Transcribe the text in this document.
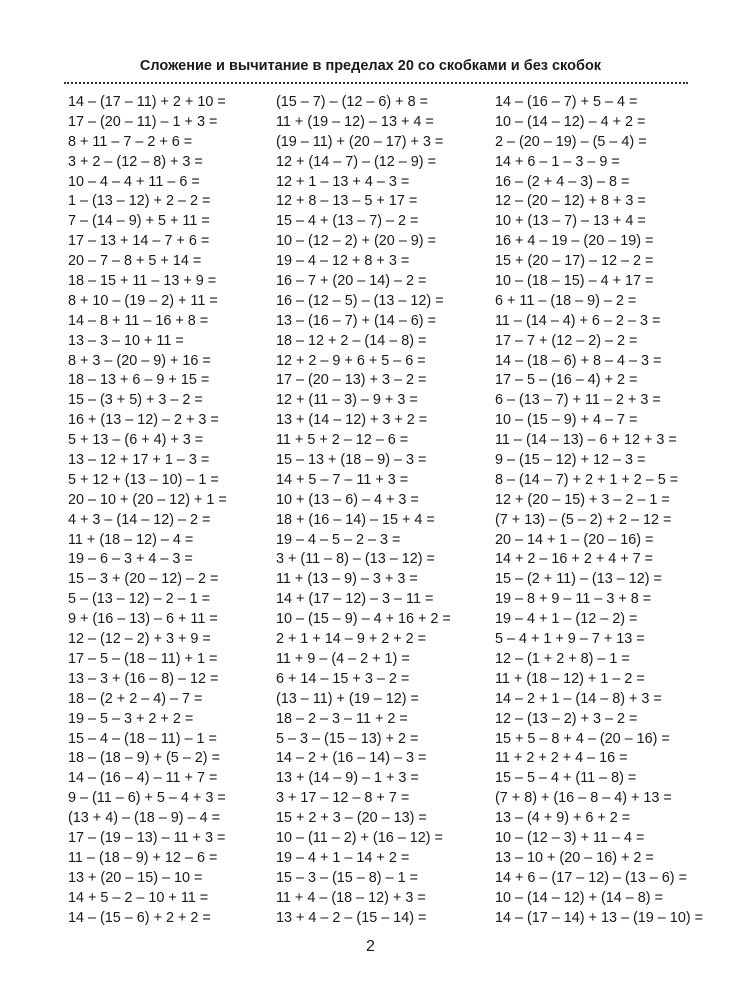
Сложение и вычитание в пределах 20 со скобками и без скобок
14 – (17 – 11) + 2 + 10 =
17 – (20 – 11) – 1 + 3 =
8 + 11 – 7 – 2 + 6 =
3 + 2 – (12 – 8) + 3 =
10 – 4 – 4 + 11 – 6 =
1 – (13 – 12) + 2 – 2 =
7 – (14 – 9) + 5 + 11 =
17 – 13 + 14 – 7 + 6 =
20 – 7 – 8 + 5 + 14 =
18 – 15 + 11 – 13 + 9 =
8 + 10 – (19 – 2) + 11 =
14 – 8 + 11 – 16 + 8 =
13 – 3 – 10 + 11 =
8 + 3 – (20 – 9) + 16 =
18 – 13 + 6 – 9 + 15 =
15 – (3 + 5) + 3 – 2 =
16 + (13 – 12) – 2 + 3 =
5 + 13 – (6 + 4) + 3 =
13 – 12 + 17 + 1 – 3 =
5 + 12 + (13 – 10) – 1 =
20 – 10 + (20 – 12) + 1 =
4 + 3 – (14 – 12) – 2 =
11 + (18 – 12) – 4 =
19 – 6 – 3 + 4 – 3 =
15 – 3 + (20 – 12) – 2 =
5 – (13 – 12) – 2 – 1 =
9 + (16 – 13) – 6 + 11 =
12 – (12 – 2) + 3 + 9 =
17 – 5 – (18 – 11) + 1 =
13 – 3 + (16 – 8) – 12 =
18 – (2 + 2 – 4) – 7 =
19 – 5 – 3 + 2 + 2 =
15 – 4 – (18 – 11) – 1 =
18 – (18 – 9) + (5 – 2) =
14 – (16 – 4) – 11 + 7 =
9 – (11 – 6) + 5 – 4 + 3 =
(13 + 4) – (18 – 9) – 4 =
17 – (19 – 13) – 11 + 3 =
11 – (18 – 9) + 12 – 6 =
13 + (20 – 15) – 10 =
14 + 5 – 2 – 10 + 11 =
14 – (15 – 6) + 2 + 2 =
(15 – 7) – (12 – 6) + 8 =
11 + (19 – 12) – 13 + 4 =
(19 – 11) + (20 – 17) + 3 =
12 + (14 – 7) – (12 – 9) =
12 + 1 – 13 + 4 – 3 =
12 + 8 – 13 – 5 + 17 =
15 – 4 + (13 – 7) – 2 =
10 – (12 – 2) + (20 – 9) =
19 – 4 – 12 + 8 + 3 =
16 – 7 + (20 – 14) – 2 =
16 – (12 – 5) – (13 – 12) =
13 – (16 – 7) + (14 – 6) =
18 – 12 + 2 – (14 – 8) =
12 + 2 – 9 + 6 + 5 – 6 =
17 – (20 – 13) + 3 – 2 =
12 + (11 – 3) – 9 + 3 =
13 + (14 – 12) + 3 + 2 =
11 + 5 + 2 – 12 – 6 =
15 – 13 + (18 – 9) – 3 =
14 + 5 – 7 – 11 + 3 =
10 + (13 – 6) – 4 + 3 =
18 + (16 – 14) – 15 + 4 =
19 – 4 – 5 – 2 – 3 =
3 + (11 – 8) – (13 – 12) =
11 + (13 – 9) – 3 + 3 =
14 + (17 – 12) – 3 – 11 =
10 – (15 – 9) – 4 + 16 + 2 =
2 + 1 + 14 – 9 + 2 + 2 =
11 + 9 – (4 – 2 + 1) =
6 + 14 – 15 + 3 – 2 =
(13 – 11) + (19 – 12) =
18 – 2 – 3 – 11 + 2 =
5 – 3 – (15 – 13) + 2 =
14 – 2 + (16 – 14) – 3 =
13 + (14 – 9) – 1 + 3 =
3 + 17 – 12 – 8 + 7 =
15 + 2 + 3 – (20 – 13) =
10 – (11 – 2) + (16 – 12) =
19 – 4 + 1 – 14 + 2 =
15 – 3 – (15 – 8) – 1 =
11 + 4 – (18 – 12) + 3 =
13 + 4 – 2 – (15 – 14) =
14 – (16 – 7) + 5 – 4 =
10 – (14 – 12) – 4 + 2 =
2 – (20 – 19) – (5 – 4) =
14 + 6 – 1 – 3 – 9 =
16 – (2 + 4 – 3) – 8 =
12 – (20 – 12) + 8 + 3 =
10 + (13 – 7) – 13 + 4 =
16 + 4 – 19 – (20 – 19) =
15 + (20 – 17) – 12 – 2 =
10 – (18 – 15) – 4 + 17 =
6 + 11 – (18 – 9) – 2 =
11 – (14 – 4) + 6 – 2 – 3 =
17 – 7 + (12 – 2) – 2 =
14 – (18 – 6) + 8 – 4 – 3 =
17 – 5 – (16 – 4) + 2 =
6 – (13 – 7) + 11 – 2 + 3 =
10 – (15 – 9) + 4 – 7 =
11 – (14 – 13) – 6 + 12 + 3 =
9 – (15 – 12) + 12 – 3 =
8 – (14 – 7) + 2 + 1 + 2 – 5 =
12 + (20 – 15) + 3 – 2 – 1 =
(7 + 13) – (5 – 2) + 2 – 12 =
20 – 14 + 1 – (20 – 16) =
14 + 2 – 16 + 2 + 4 + 7 =
15 – (2 + 11) – (13 – 12) =
19 – 8 + 9 – 11 – 3 + 8 =
19 – 4 + 1 – (12 – 2) =
5 – 4 + 1 + 9 – 7 + 13 =
12 – (1 + 2 + 8) – 1 =
11 + (18 – 12) + 1 – 2 =
14 – 2 + 1 – (14 – 8) + 3 =
12 – (13 – 2) + 3 – 2 =
15 + 5 – 8 + 4 – (20 – 16) =
11 + 2 + 2 + 4 – 16 =
15 – 5 – 4 + (11 – 8) =
(7 + 8) + (16 – 8 – 4) + 13 =
13 – (4 + 9) + 6 + 2 =
10 – (12 – 3) + 11 – 4 =
13 – 10 + (20 – 16) + 2 =
14 + 6 – (17 – 12) – (13 – 6) =
10 – (14 – 12) + (14 – 8) =
14 – (17 – 14) + 13 – (19 – 10) =
2
